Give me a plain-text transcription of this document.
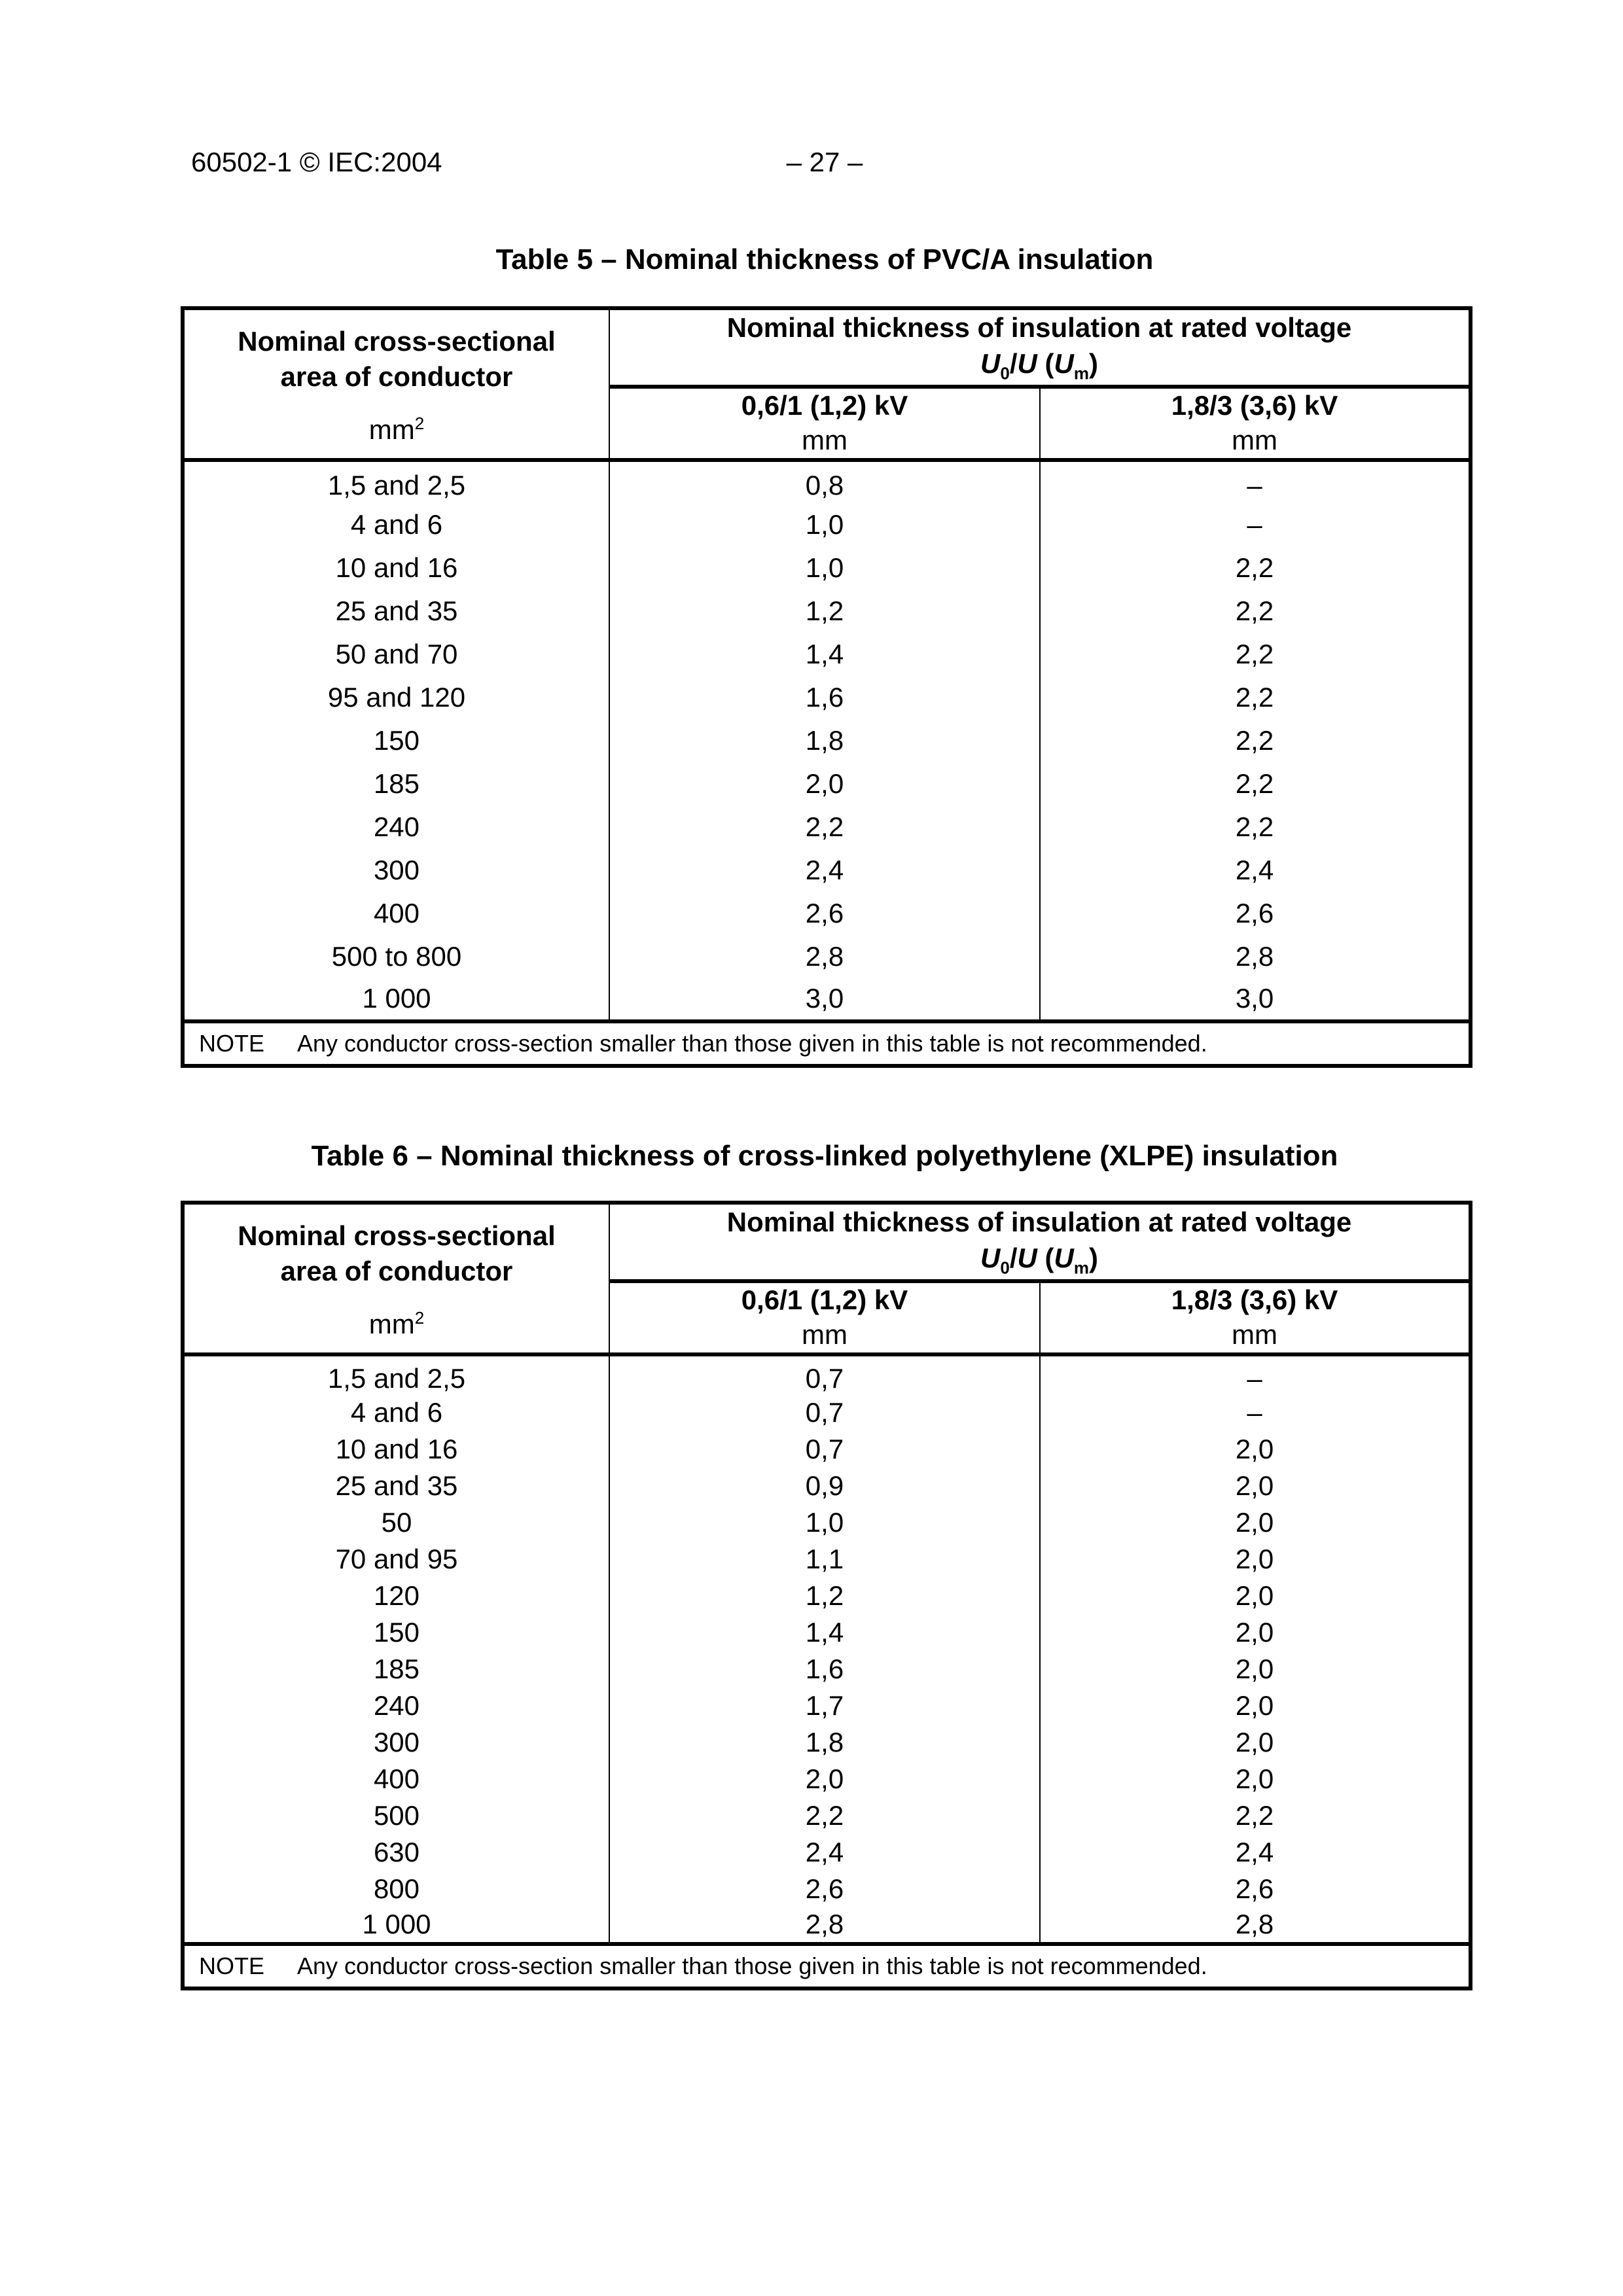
60502-1 © IEC:2004	– 27 –
Table 5 – Nominal thickness of PVC/A insulation
Nominal cross-sectional
area of conductor
$mm^2$

Nominal thickness of insulation at rated voltage
$U_0/U$ $(U_m)$

0,6/1 (1,2) kV
mm

1,8/3 (3,6) kV
mm

1,5 and 2,5	0,8	–
4 and 6	1,0	–
10 and 16	1,0	2,2
25 and 35	1,2	2,2
50 and 70	1,4	2,2
95 and 120	1,6	2,2
150	1,8	2,2
185	2,0	2,2
240	2,2	2,2
300	2,4	2,4
400	2,6	2,6
500 to 800	2,8	2,8
1 000	3,0	3,0
NOTE Any conductor cross-section smaller than those given in this table is not recommended.		
Table 6 – Nominal thickness of cross-linked polyethylene (XLPE) insulation
Nominal cross-sectional
area of conductor
$mm^2$

Nominal thickness of insulation at rated voltage
$U_0/U$ $(U_m)$

0,6/1 (1,2) kV
mm

1,8/3 (3,6) kV
mm

1,5 and 2,5	0,7	–
4 and 6	0,7	–
10 and 16	0,7	2,0
25 and 35	0,9	2,0
50	1,0	2,0
70 and 95	1,1	2,0
120	1,2	2,0
150	1,4	2,0
185	1,6	2,0
240	1,7	2,0
300	1,8	2,0
400	2,0	2,0
500	2,2	2,2
630	2,4	2,4
800	2,6	2,6
1 000	2,8	2,8
NOTE Any conductor cross-section smaller than those given in this table is not recommended.		
